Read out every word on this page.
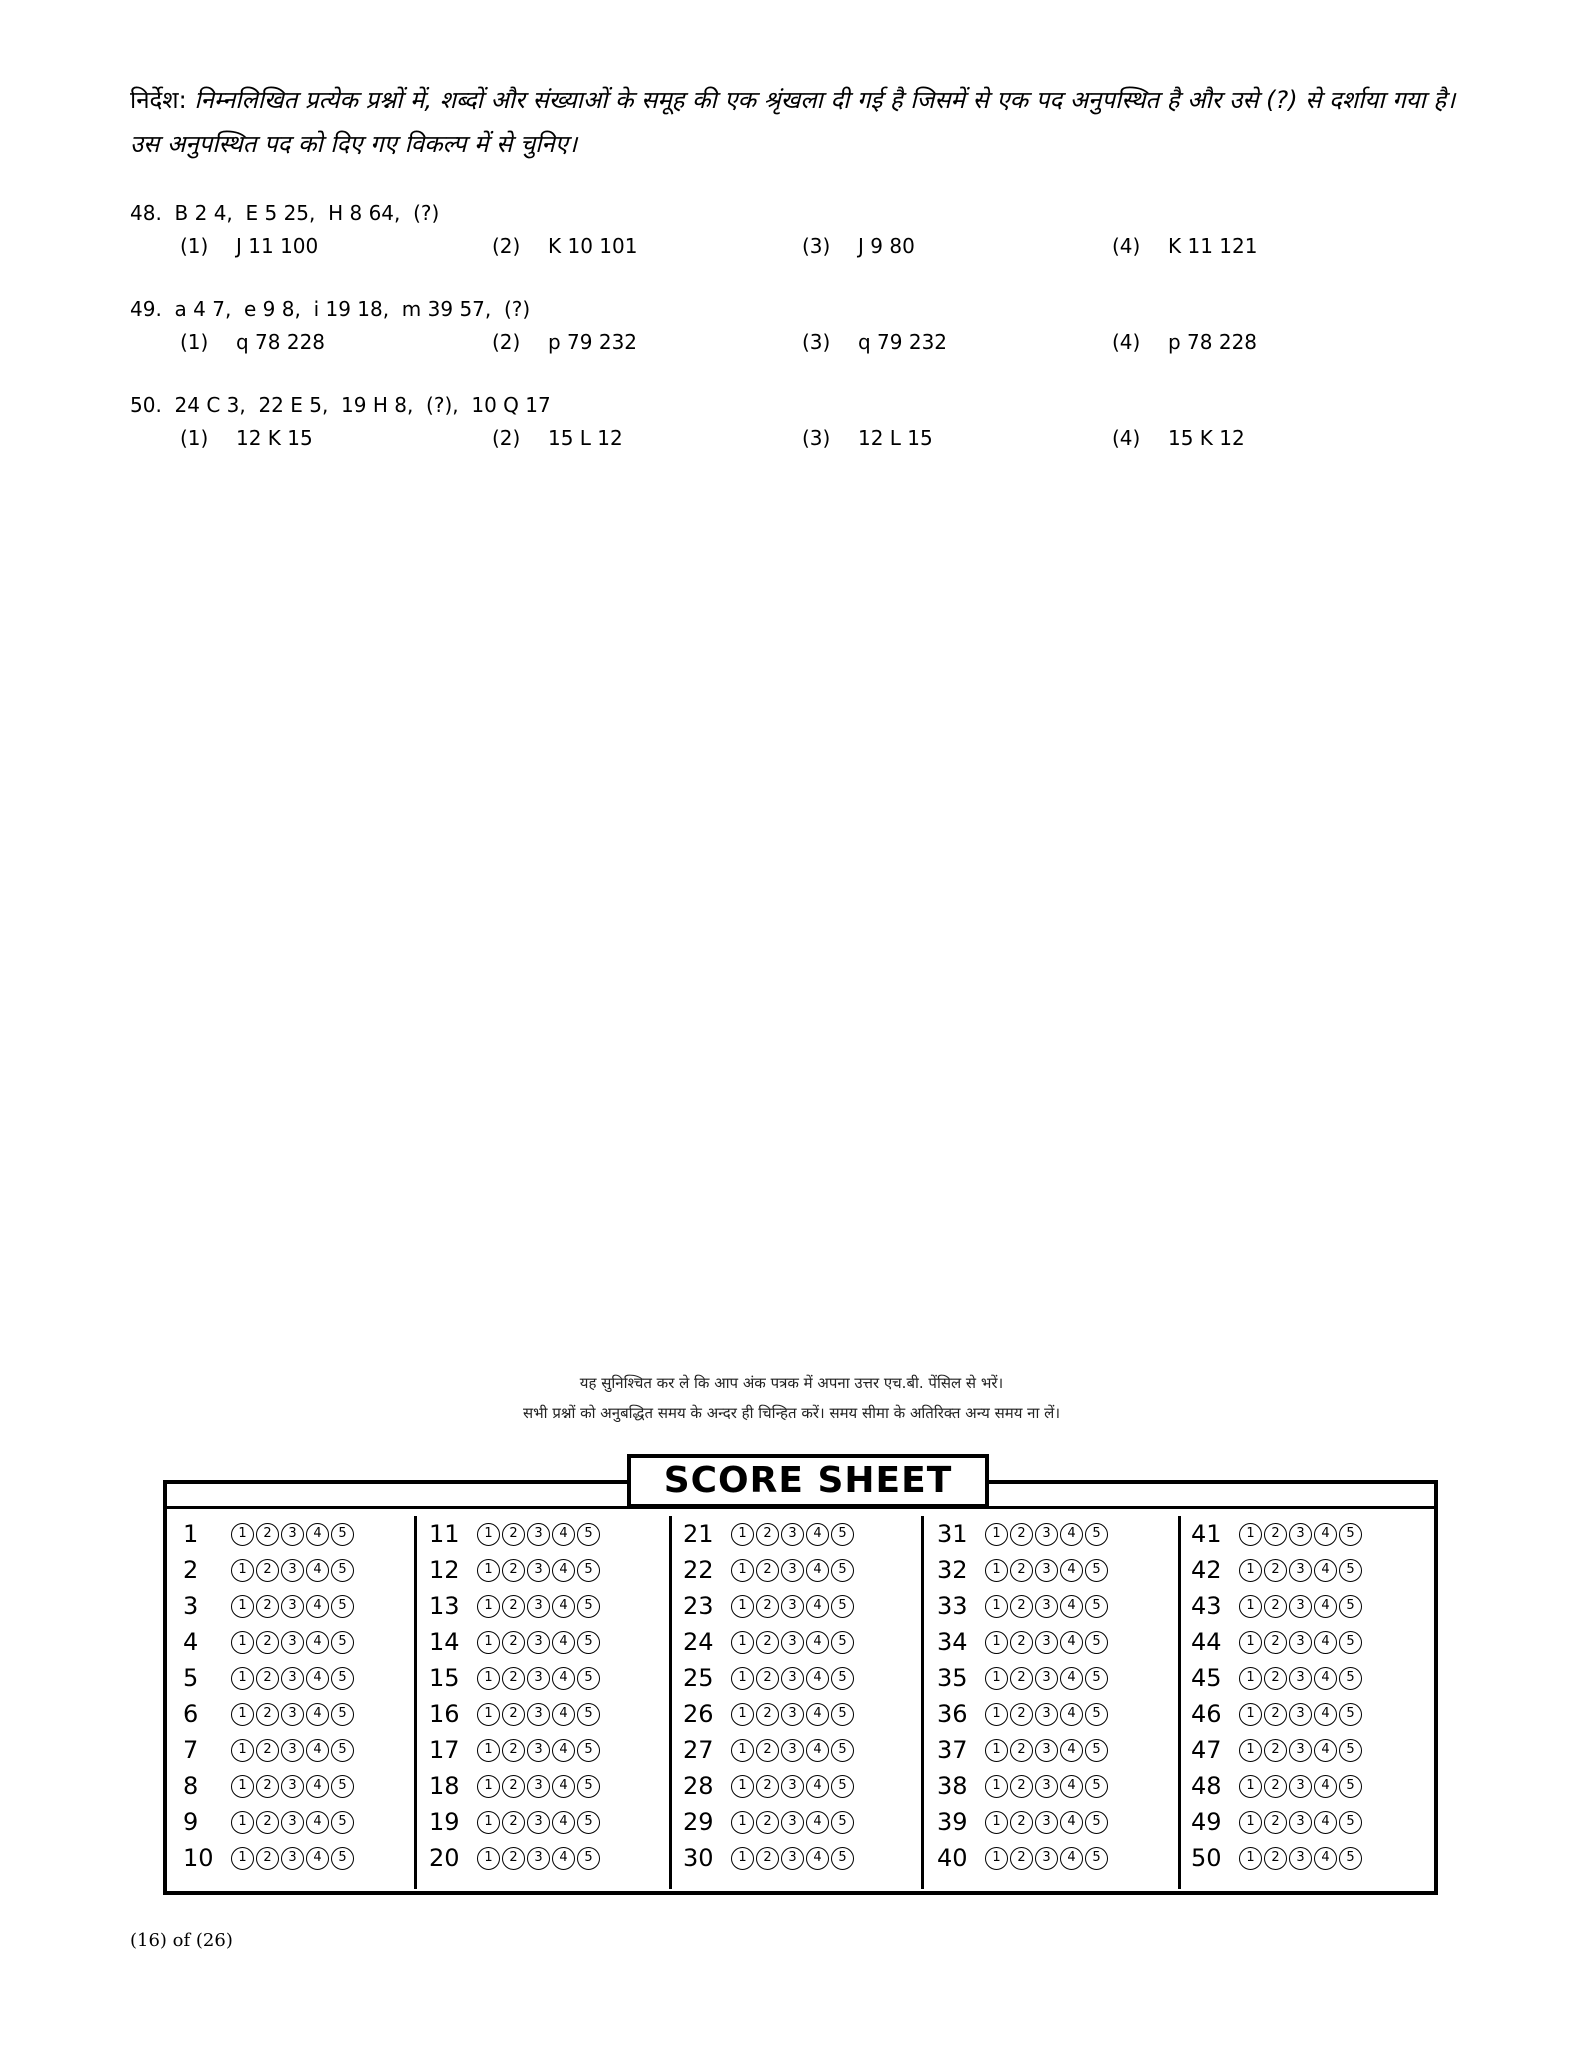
निर्देश: निम्नलिखित प्रत्येक प्रश्नों में, शब्दों और संख्याओं के समूह की एक श्रृंखला दी गई है जिसमें से एक पद अनुपस्थित है और उसे (?) से दर्शाया गया है। उस अनुपस्थित पद को दिए गए विकल्प में से चुनिए।
48. B 2 4,  E 5 25,  H 8 64,  (?)
(1) J 11 100	(2) K 10 101	(3) J 9 80	(4) K 11 121
49. a 4 7,  e 9 8,  i 19 18,  m 39 57,  (?)
(1) q 78 228	(2) p 79 232	(3) q 79 232	(4) p 78 228
50. 24 C 3,  22 E 5,  19 H 8,  (?),  10 Q 17
(1) 12 K 15	(2) 15 L 12	(3) 12 L 15	(4) 15 K 12
यह सुनिश्चित कर ले कि आप अंक पत्रक में अपना उत्तर एच.बी. पेंसिल से भरें।
सभी प्रश्नों को अनुबद्धित समय के अन्दर ही चिन्हित करें। समय सीमा के अतिरिक्त अन्य समय ना लें।
SCORE SHEET
1	1	2	3	4	5
2	1	2	3	4	5
3	1	2	3	4	5
4	1	2	3	4	5
5	1	2	3	4	5
6	1	2	3	4	5
7	1	2	3	4	5
8	1	2	3	4	5
9	1	2	3	4	5
10	1	2	3	4	5
11	1	2	3	4	5
12	1	2	3	4	5
13	1	2	3	4	5
14	1	2	3	4	5
15	1	2	3	4	5
16	1	2	3	4	5
17	1	2	3	4	5
18	1	2	3	4	5
19	1	2	3	4	5
20	1	2	3	4	5
21	1	2	3	4	5
22	1	2	3	4	5
23	1	2	3	4	5
24	1	2	3	4	5
25	1	2	3	4	5
26	1	2	3	4	5
27	1	2	3	4	5
28	1	2	3	4	5
29	1	2	3	4	5
30	1	2	3	4	5
31	1	2	3	4	5
32	1	2	3	4	5
33	1	2	3	4	5
34	1	2	3	4	5
35	1	2	3	4	5
36	1	2	3	4	5
37	1	2	3	4	5
38	1	2	3	4	5
39	1	2	3	4	5
40	1	2	3	4	5
41	1	2	3	4	5
42	1	2	3	4	5
43	1	2	3	4	5
44	1	2	3	4	5
45	1	2	3	4	5
46	1	2	3	4	5
47	1	2	3	4	5
48	1	2	3	4	5
49	1	2	3	4	5
50	1	2	3	4	5
(16) of (26)
